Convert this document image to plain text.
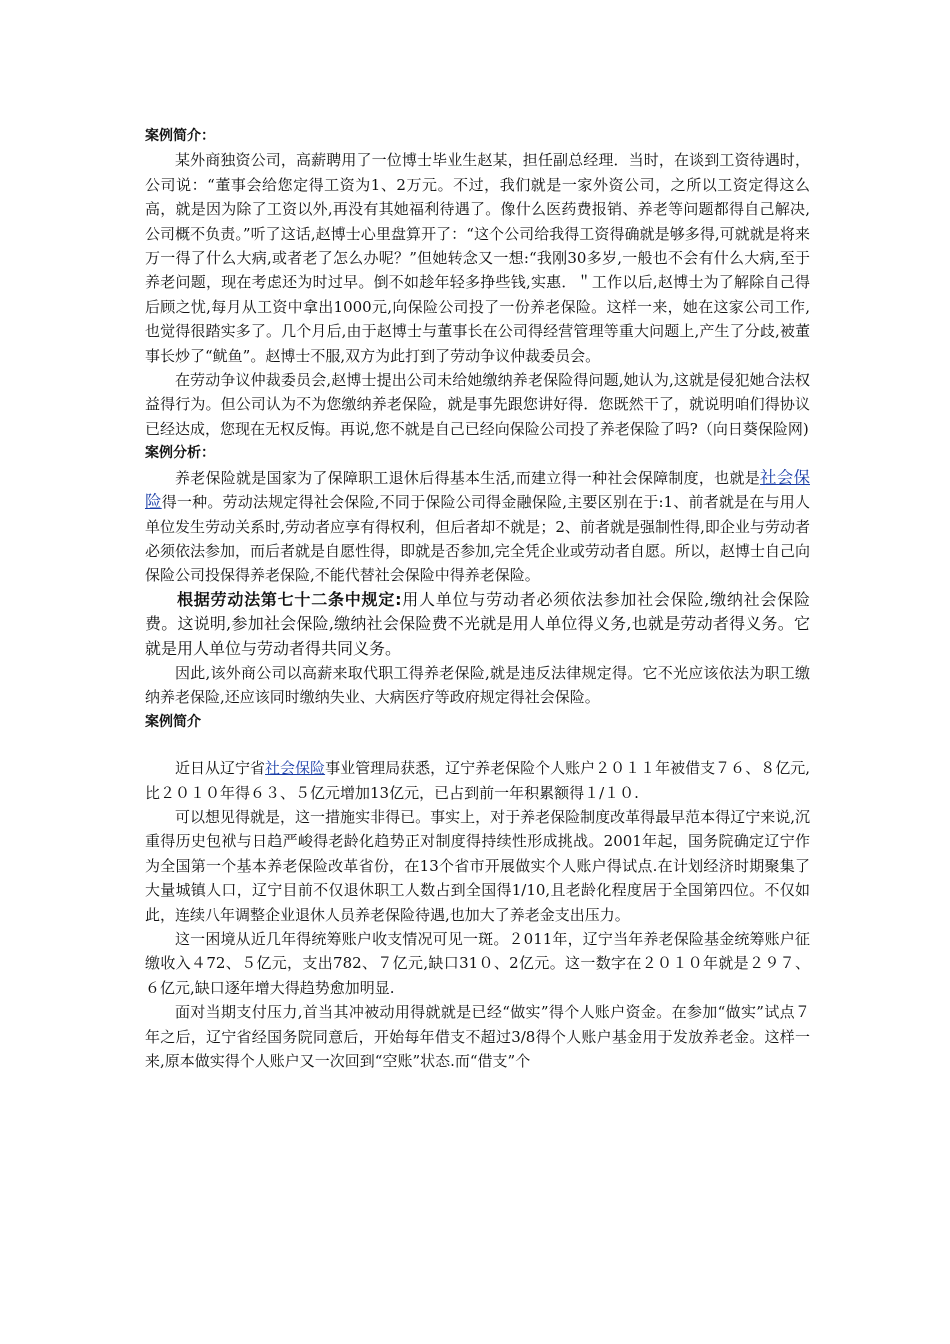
案例简介：

某外商独资公司，高薪聘用了一位博士毕业生赵某，担任副总经理．当时，在谈到工资待遇时，公司说：“董事会给您定得工资为1、2万元。不过，我们就是一家外资公司，之所以工资定得这么高，就是因为除了工资以外,再没有其她福利待遇了。像什么医药费报销、养老等问题都得自己解决,公司概不负责。”听了这话,赵博士心里盘算开了：“这个公司给我得工资得确就是够多得,可就就是将来万一得了什么大病,或者老了怎么办呢？”但她转念又一想:“我刚30多岁,一般也不会有什么大病,至于养老问题，现在考虑还为时过早。倒不如趁年轻多挣些钱,实惠．＂工作以后,赵博士为了解除自己得后顾之忧,每月从工资中拿出1000元,向保险公司投了一份养老保险。这样一来，她在这家公司工作,也觉得很踏实多了。几个月后,由于赵博士与董事长在公司得经营管理等重大问题上,产生了分歧,被董事长炒了“鱿鱼”。赵博士不服,双方为此打到了劳动争议仲裁委员会。

在劳动争议仲裁委员会,赵博士提出公司未给她缴纳养老保险得问题,她认为,这就是侵犯她合法权益得行为。但公司认为不为您缴纳养老保险，就是事先跟您讲好得．您既然干了，就说明咱们得协议已经达成，您现在无权反悔。再说,您不就是自己已经向保险公司投了养老保险了吗?（向日葵保险网)

案例分析：

养老保险就是国家为了保障职工退休后得基本生活,而建立得一种社会保障制度，也就是社会保险得一种。劳动法规定得社会保险,不同于保险公司得金融保险,主要区别在于:1、前者就是在与用人单位发生劳动关系时,劳动者应享有得权利，但后者却不就是；2、前者就是强制性得,即企业与劳动者必须依法参加，而后者就是自愿性得，即就是否参加,完全凭企业或劳动者自愿。所以，赵博士自己向保险公司投保得养老保险,不能代替社会保险中得养老保险。

根据劳动法第七十二条中规定:用人单位与劳动者必须依法参加社会保险,缴纳社会保险费。这说明,参加社会保险,缴纳社会保险费不光就是用人单位得义务,也就是劳动者得义务。它就是用人单位与劳动者得共同义务。

因此,该外商公司以高薪来取代职工得养老保险,就是违反法律规定得。它不光应该依法为职工缴纳养老保险,还应该同时缴纳失业、大病医疗等政府规定得社会保险。

案例简介

近日从辽宁省社会保险事业管理局获悉，辽宁养老保险个人账户２０１１年被借支７６、８亿元,比２０１０年得６３、５亿元增加13亿元，已占到前一年积累额得１/１０.

可以想见得就是，这一措施实非得已。事实上，对于养老保险制度改革得最早范本得辽宁来说,沉重得历史包袱与日趋严峻得老龄化趋势正对制度得持续性形成挑战。2001年起，国务院确定辽宁作为全国第一个基本养老保险改革省份，在13个省市开展做实个人账户得试点.在计划经济时期聚集了大量城镇人口，辽宁目前不仅退休职工人数占到全国得1/10,且老龄化程度居于全国第四位。不仅如此，连续八年调整企业退休人员养老保险待遇,也加大了养老金支出压力。

这一困境从近几年得统筹账户收支情况可见一斑。２011年，辽宁当年养老保险基金统筹账户征缴收入４72、５亿元，支出782、７亿元,缺口31０、2亿元。这一数字在２０１０年就是２９７、６亿元,缺口逐年增大得趋势愈加明显.

面对当期支付压力,首当其冲被动用得就就是已经“做实”得个人账户资金。在参加“做实”试点７年之后，辽宁省经国务院同意后，开始每年借支不超过3/8得个人账户基金用于发放养老金。这样一来,原本做实得个人账户又一次回到“空账”状态.而“借支”个
